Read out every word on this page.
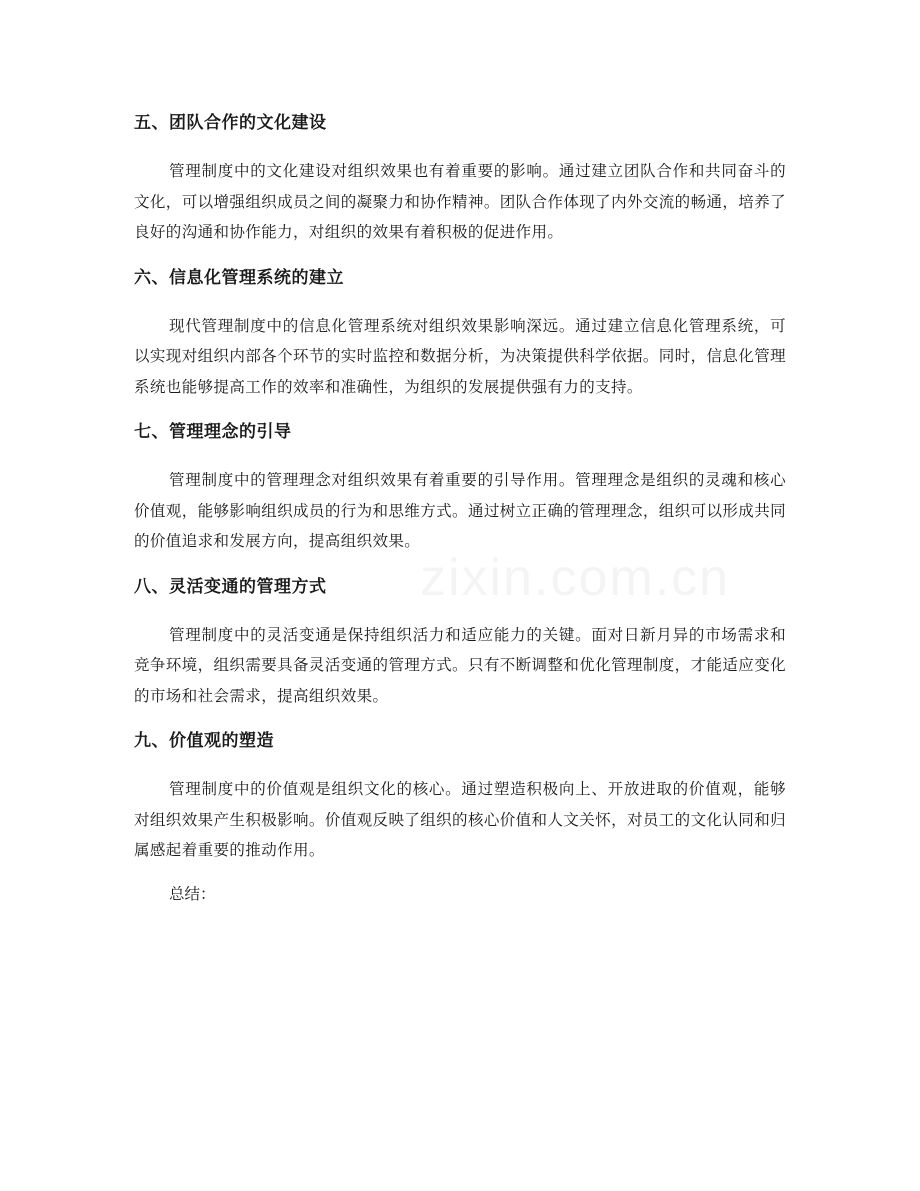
五、团队合作的文化建设

管理制度中的文化建设对组织效果也有着重要的影响。通过建立团队合作和共同奋斗的文化，可以增强组织成员之间的凝聚力和协作精神。团队合作体现了内外交流的畅通，培养了良好的沟通和协作能力，对组织的效果有着积极的促进作用。

六、信息化管理系统的建立

现代管理制度中的信息化管理系统对组织效果影响深远。通过建立信息化管理系统，可以实现对组织内部各个环节的实时监控和数据分析，为决策提供科学依据。同时，信息化管理系统也能够提高工作的效率和准确性，为组织的发展提供强有力的支持。

七、管理理念的引导

管理制度中的管理理念对组织效果有着重要的引导作用。管理理念是组织的灵魂和核心价值观，能够影响组织成员的行为和思维方式。通过树立正确的管理理念，组织可以形成共同的价值追求和发展方向，提高组织效果。

八、灵活变通的管理方式

管理制度中的灵活变通是保持组织活力和适应能力的关键。面对日新月异的市场需求和竞争环境，组织需要具备灵活变通的管理方式。只有不断调整和优化管理制度，才能适应变化的市场和社会需求，提高组织效果。

九、价值观的塑造

管理制度中的价值观是组织文化的核心。通过塑造积极向上、开放进取的价值观，能够对组织效果产生积极影响。价值观反映了组织的核心价值和人文关怀，对员工的文化认同和归属感起着重要的推动作用。

总结：
